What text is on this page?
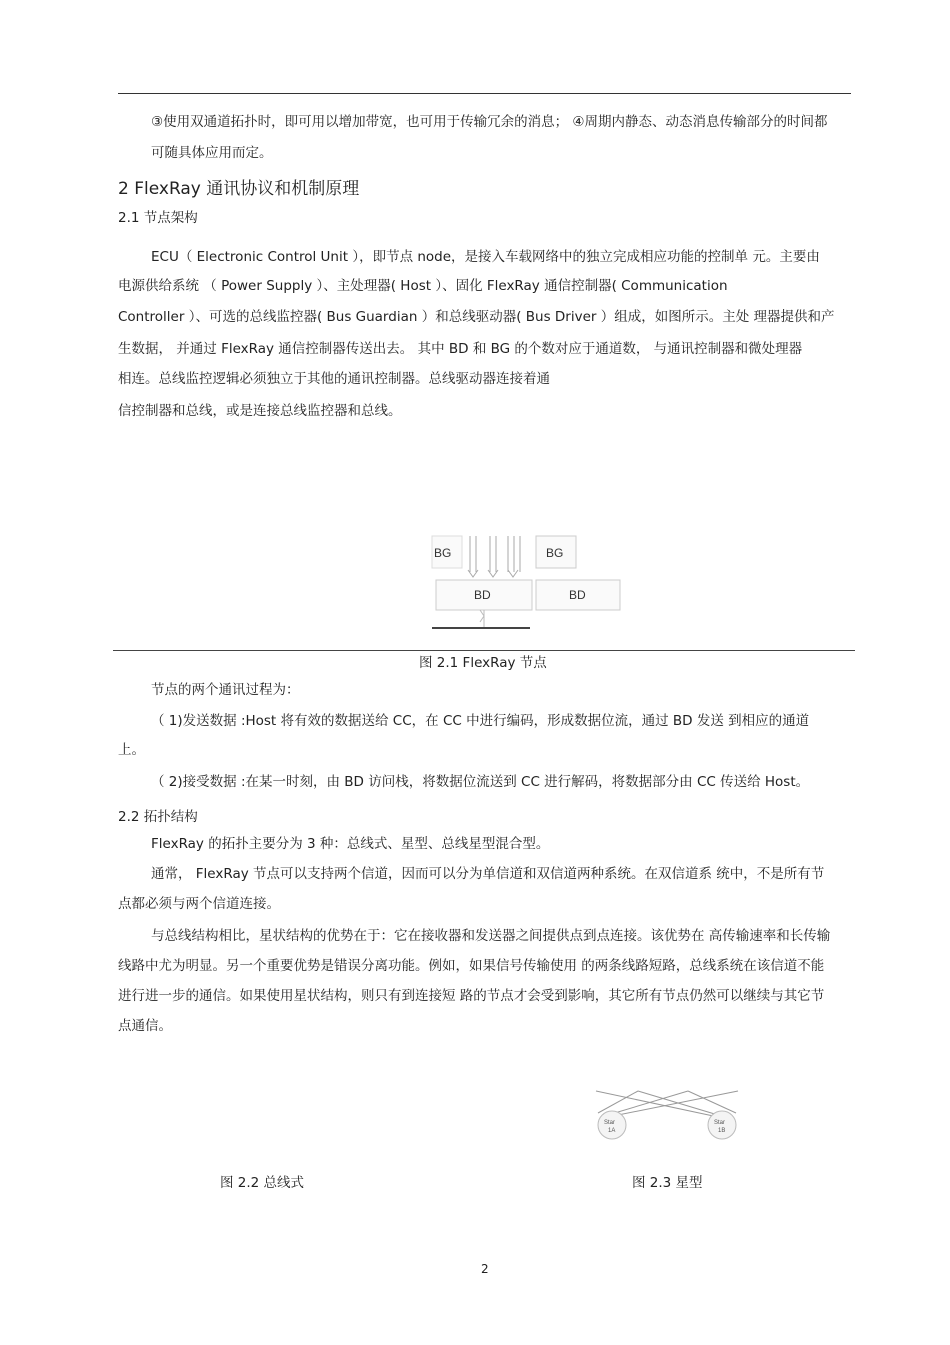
③使用双通道拓扑时，即可用以增加带宽，也可用于传输冗余的消息； ④周期内静态、动态消息传输部分的时间都
可随具体应用而定。
2 FlexRay 通讯协议和机制原理
2.1 节点架构
ECU（ Electronic Control Unit ），即节点 node，是接入车载网络中的独立完成相应功能的控制单 元。主要由
电源供给系统 （ Power Supply ）、主处理器( Host ）、固化 FlexRay 通信控制器( Communication
Controller ）、可选的总线监控器( Bus Guardian ）和总线驱动器( Bus Driver ）组成，如图所示。主处 理器提供和产
生数据， 并通过 FlexRay 通信控制器传送出去。 其中 BD 和 BG 的个数对应于通道数， 与通讯控制器和微处理器
相连。总线监控逻辑必须独立于其他的通讯控制器。总线驱动器连接着通
信控制器和总线，或是连接总线监控器和总线。
BG	BG
BD	BD
图 2.1 FlexRay 节点
节点的两个通讯过程为：
（ 1)发送数据 :Host 将有效的数据送给 CC，在 CC 中进行编码，形成数据位流，通过 BD 发送 到相应的通道
上。
（ 2)接受数据 :在某一时刻，由 BD 访问栈，将数据位流送到 CC 进行解码，将数据部分由 CC 传送给 Host。
2.2 拓扑结构
FlexRay 的拓扑主要分为 3 种：总线式、星型、总线星型混合型。
通常， FlexRay 节点可以支持两个信道，因而可以分为单信道和双信道两种系统。在双信道系 统中，不是所有节
点都必须与两个信道连接。
与总线结构相比，星状结构的优势在于：它在接收器和发送器之间提供点到点连接。该优势在 高传输速率和长传输
线路中尤为明显。另一个重要优势是错误分离功能。例如，如果信号传输使用 的两条线路短路，总线系统在该信道不能
进行进一步的通信。如果使用星状结构，则只有到连接短 路的节点才会受到影响，其它所有节点仍然可以继续与其它节
点通信。
Star
1A
Star
1B
图 2.2 总线式	图 2.3 星型
2
